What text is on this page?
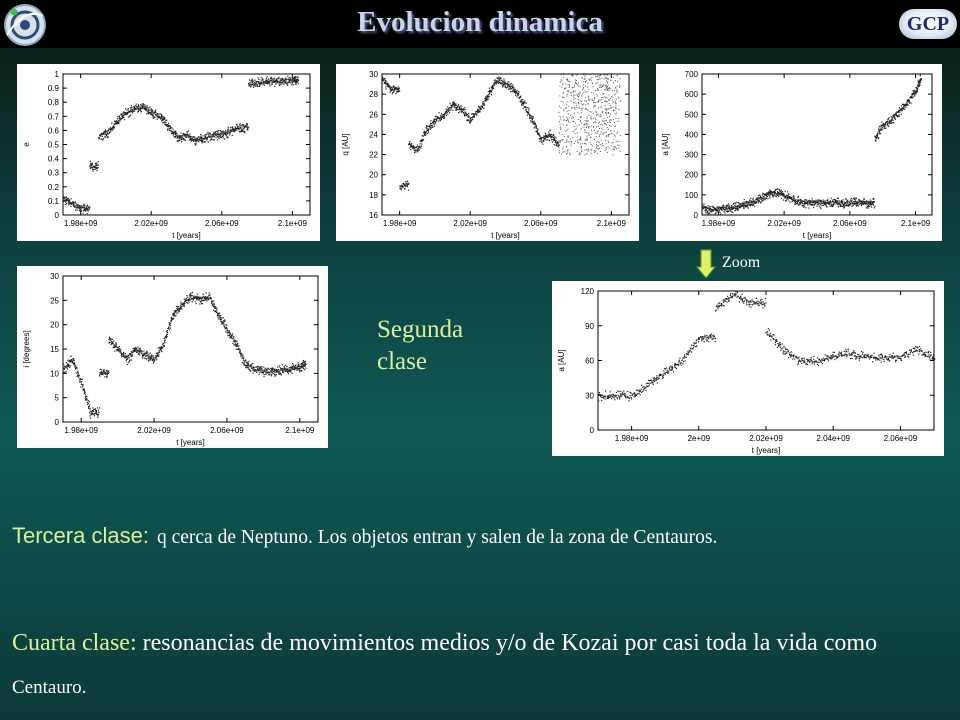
Evolucion dinamica	GCP
0
0.1
0.2
0.3
0.4
0.5
0.6
0.7
0.8
0.9
1
1.98e+09	2.02e+09	2.06e+09	2.1e+09
t [years]
e
16
18
20
22
24
26
28
30
1.98e+09	2.02e+09	2.06e+09	2.1e+09
t [years]
q [AU]
0
100
200
300
400
500
600
700
1.98e+09	2.02e+09	2.06e+09	2.1e+09
t [years]
a [AU]
0
5
10
15
20
25
30
1.98e+09	2.02e+09	2.06e+09	2.1e+09
t [years]
i [degrees]
0
30
60
90
120
1.98e+09	2e+09	2.02e+09	2.04e+09	2.06e+09
t [years]
a [AU]
Zoom
Segunda
clase
Tercera clase: q cerca de Neptuno. Los objetos entran y salen de la zona de Centauros.
Cuarta clase: resonancias de movimientos medios y/o de Kozai por casi toda la vida como Centauro.
